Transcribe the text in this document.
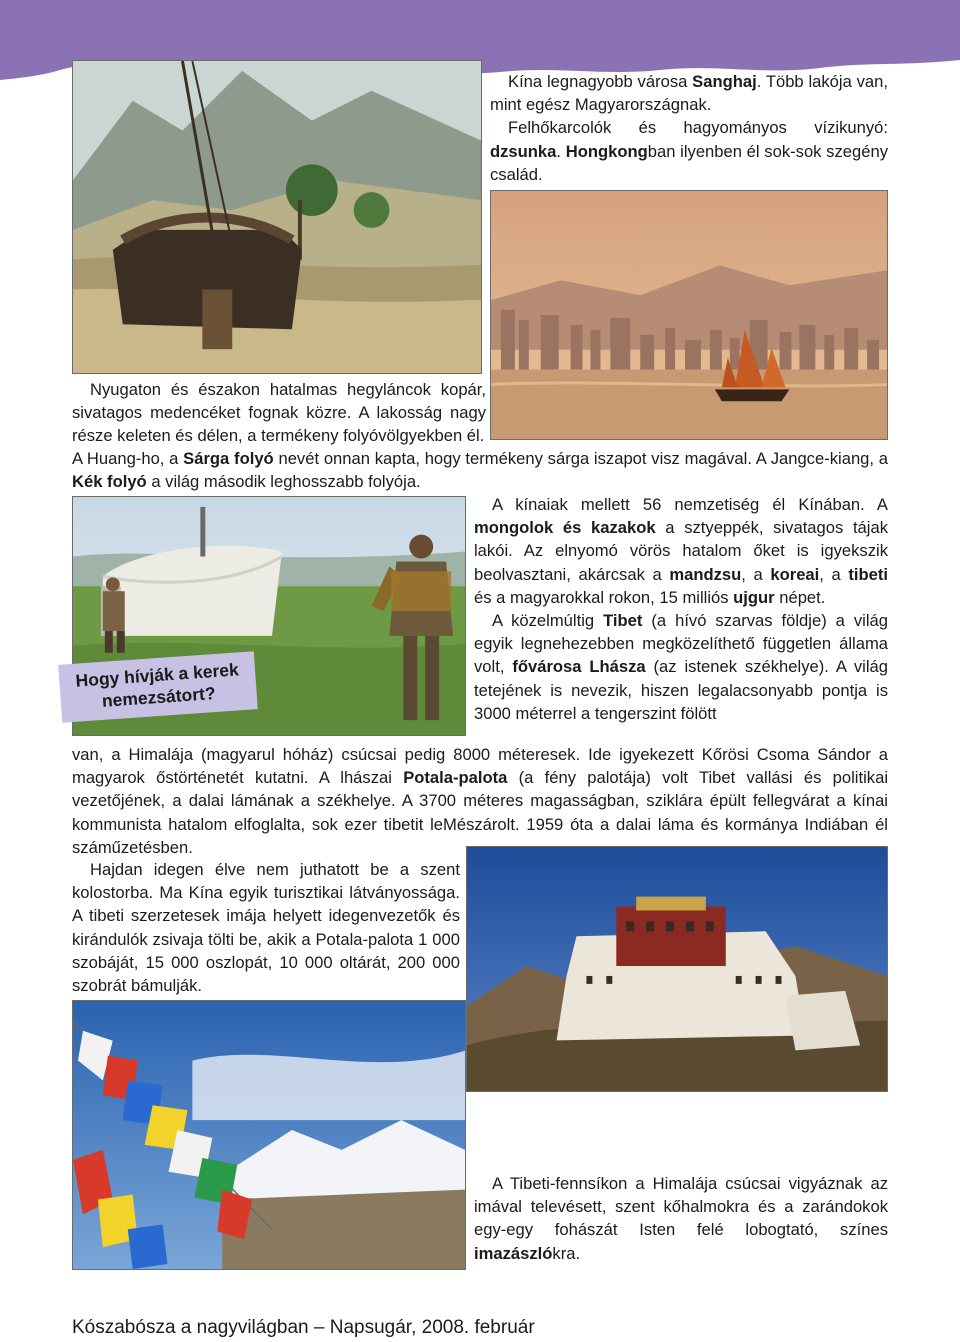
Kína legnagyobb városa Sanghaj. Több lakója van, mint egész Magyarországnak.

Felhőkarcolók és hagyományos vízikunyó: dzsunka. Hongkongban ilyenben él sok-sok szegény család.

Nyugaton és északon hatalmas hegyláncok kopár, sivatagos medencéket fognak közre. A lakosság nagy része keleten és délen, a termékeny folyóvölgyekben él.

A Huang-ho, a Sárga folyó nevét onnan kapta, hogy termékeny sárga iszapot visz magával. A Jangce-kiang, a Kék folyó a világ második leghosszabb folyója.

Hogy hívják a kerek
nemezsátort?

A kínaiak mellett 56 nemzetiség él Kínában. A mongolok és kazakok a sztyeppék, sivatagos tájak lakói. Az elnyomó vörös hatalom őket is igyekszik beolvasztani, akárcsak a mandzsu, a koreai, a tibeti és a magyarokkal rokon, 15 milliós ujgur népet.

A közelmúltig Tibet (a hívó szarvas földje) a világ egyik legnehezebben megközelíthető független állama volt, fővárosa Lhásza (az istenek székhelye). A világ tetejének is nevezik, hiszen legalacsonyabb pontja is 3000 méterrel a tengerszint fölött

van, a Himalája (magyarul hóház) csúcsai pedig 8000 méteresek. Ide igyekezett Kőrösi Csoma Sándor a magyarok őstörténetét kutatni. A lhászai Potala-palota (a fény palotája) volt Tibet vallási és politikai vezetőjének, a dalai lámának a székhelye. A 3700 méteres magasságban, sziklára épült fellegvárat a kínai kommunista hatalom elfoglalta, sok ezer tibetit leMészárolt. 1959 óta a dalai láma és kormánya Indiában él száműzetésben.

Hajdan idegen élve nem juthatott be a szent kolostorba. Ma Kína egyik turisztikai látványossága. A tibeti szerzetesek imája helyett idegenvezetők és kirándulók zsivaja tölti be, akik a Potala-palota 1 000 szobáját, 15 000 oszlopát, 10 000 oltárát, 200 000 szobrát bámulják.

A Tibeti-fennsíkon a Himalája csúcsai vigyáznak az imával televésett, szent kőhalmokra és a zarándokok egy-egy fohászát Isten felé lobogtató, színes imazászlókra.

Kószabósza a nagyvilágban – Napsugár, 2008. február
